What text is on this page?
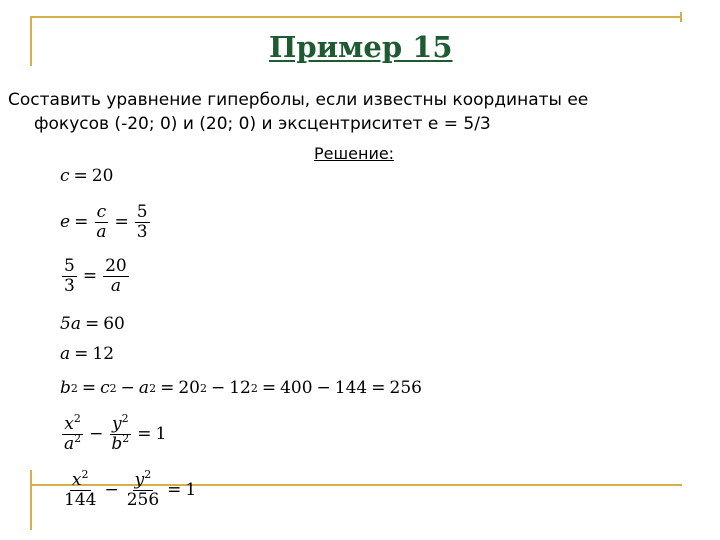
Пример 15
Составить уравнение гиперболы, если известны координаты ее
фокусов (-20; 0) и (20; 0) и эксцентриситет е = 5/3
Решение:
c = 20
$e = \frac{c}{a} = \frac{5}{3}$
$\frac{5}{3} = \frac{20}{a}$
5a = 60
a = 12
b 2 = c 2 − a 2 = 20 2 − 12 2 = 400 − 144 = 256
$\frac{x^2}{a^2} - \frac{y^2}{b^2} = 1$
$\frac{x^2}{144} - \frac{y^2}{256} = 1$
